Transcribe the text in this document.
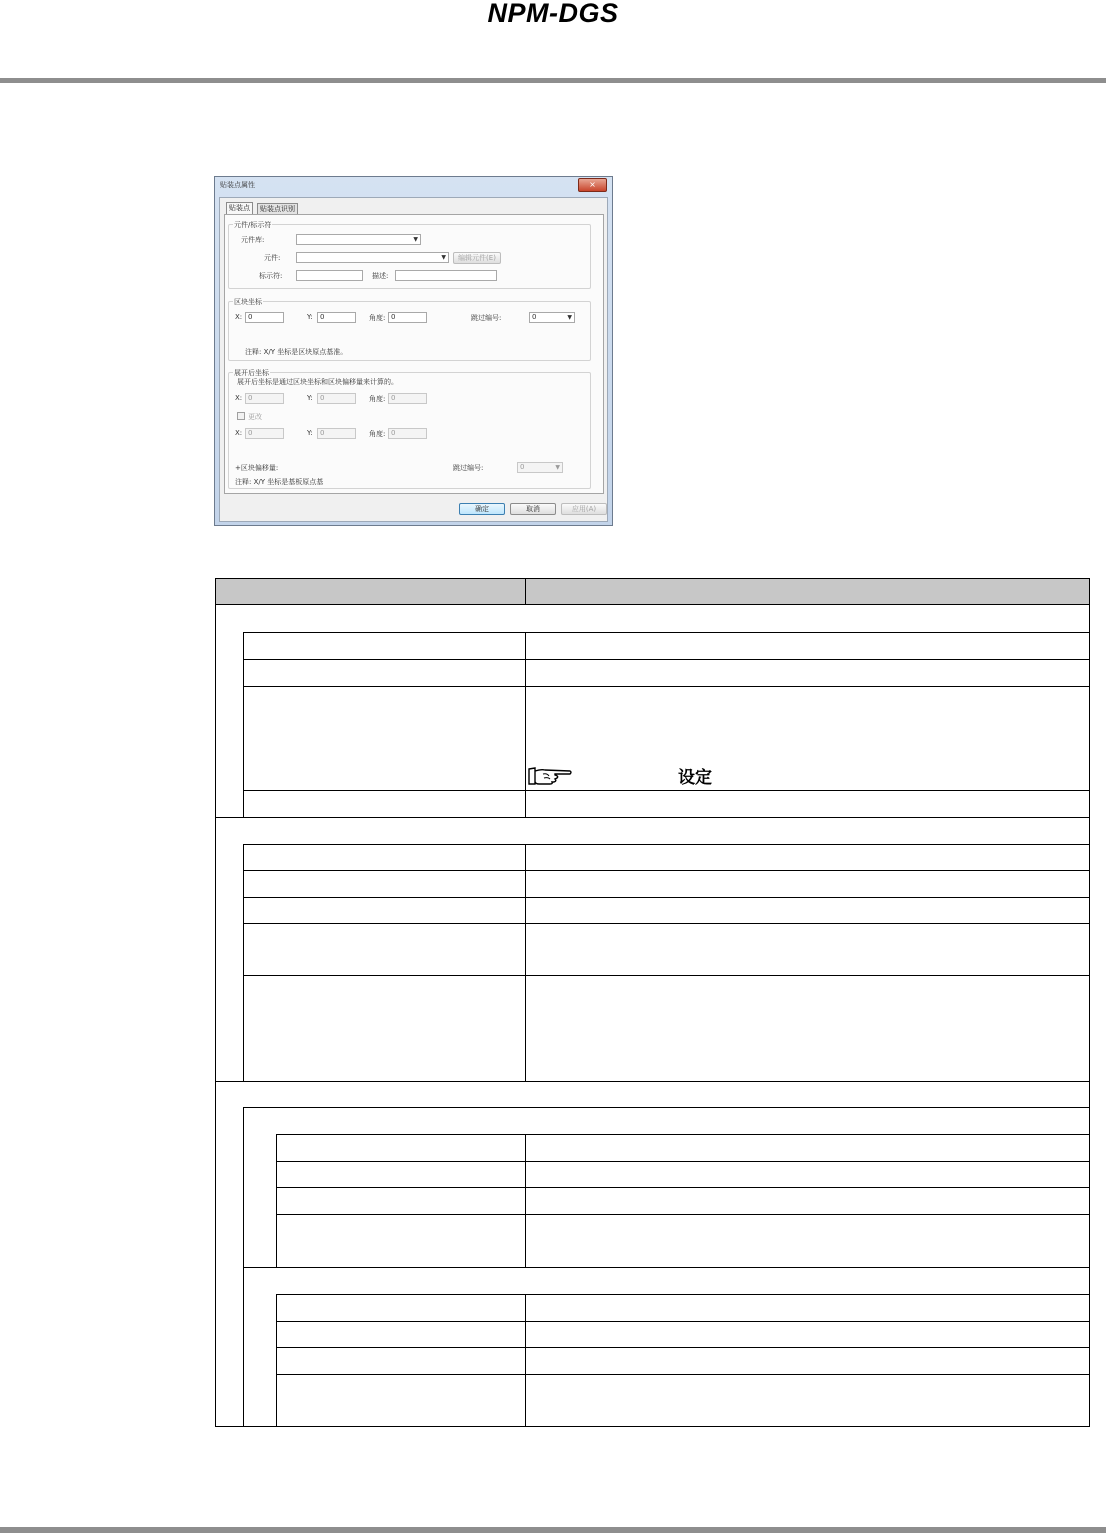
NPM-DGS
贴装点属性	×
贴装点	贴装点识别
元件/标示符
元件库:	▼
元件:	▼	编辑元件(E)
标示符:	描述:
区块坐标
X: 0	Y:	0	角度: 0	跳过编号:	0	▼
注释: X/Y 坐标是区块原点基准。
展开后坐标
展开后坐标是通过区块坐标和区块偏移量来计算的。
X: 0	Y:	0	角度: 0
更改
X: 0	Y:	0	角度: 0
+区块偏移量:	跳过编号:	0	▼
注释: X/Y 坐标是基板原点基
确定	取消	应用(A)
设定
